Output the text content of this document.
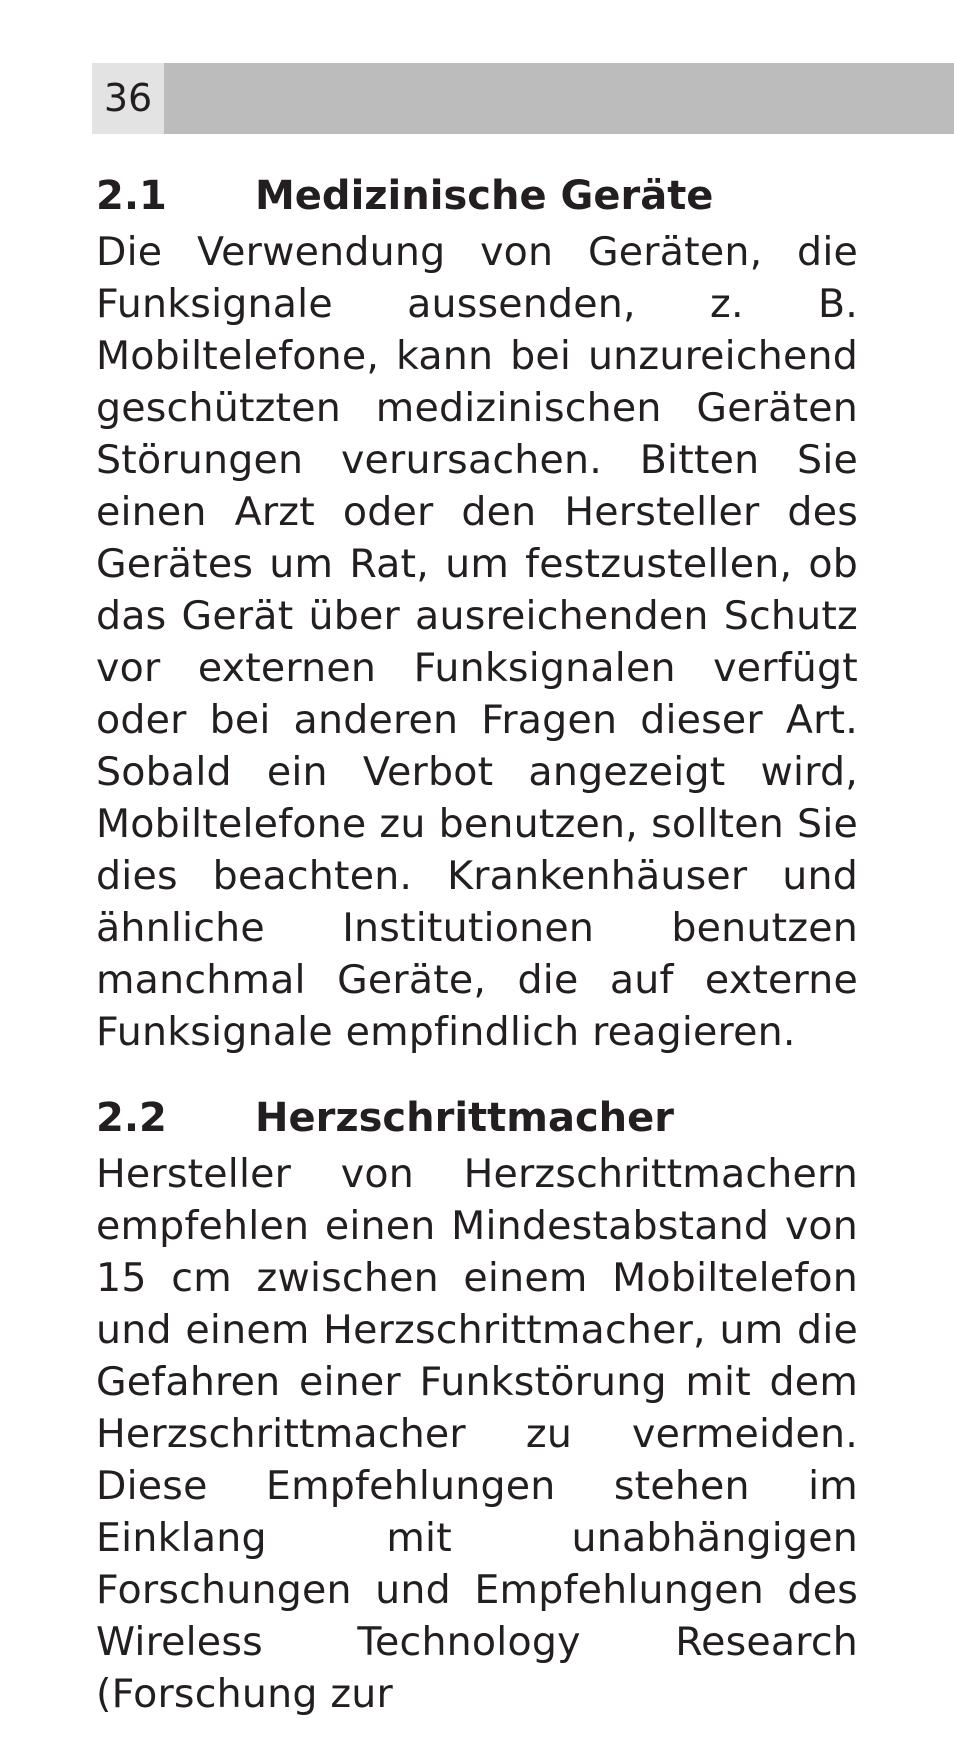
36
2.1	Medizinische Geräte

Die Verwendung von Geräten, die Funksignale aussenden, z. B. Mobiltelefone, kann bei unzureichend geschützten medizinischen Geräten Störungen verursachen. Bitten Sie einen Arzt oder den Hersteller des Gerätes um Rat, um festzustellen, ob das Gerät über ausreichenden Schutz vor externen Funksignalen verfügt oder bei anderen Fragen dieser Art. Sobald ein Verbot angezeigt wird, Mobiltelefone zu benutzen, sollten Sie dies beachten. Krankenhäuser und ähnliche Institutionen benutzen manchmal Geräte, die auf externe Funksignale empfindlich reagieren.

2.2	Herzschrittmacher

Hersteller von Herzschrittmachern empfehlen einen Mindestabstand von 15 cm zwischen einem Mobiltelefon und einem Herzschrittmacher, um die Gefahren einer Funkstörung mit dem Herzschrittmacher zu vermeiden. Diese Empfehlungen stehen im Einklang mit unabhängigen Forschungen und Empfehlungen des Wireless Technology Research (Forschung zur
